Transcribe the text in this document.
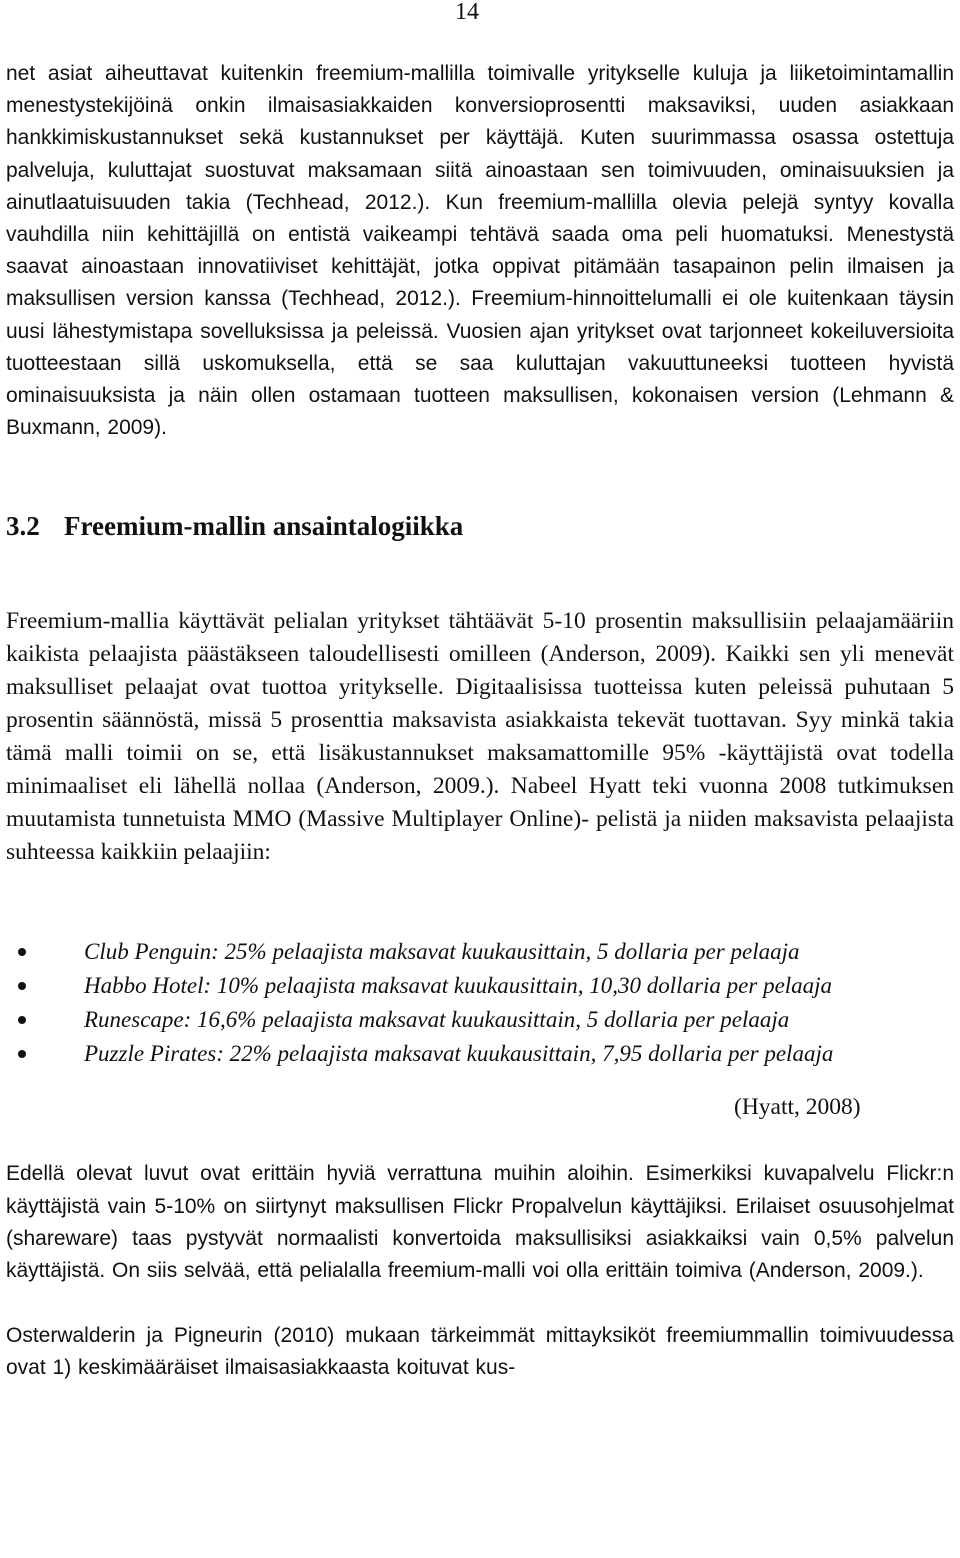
14

net asiat aiheuttavat kuitenkin freemium-mallilla toimivalle yritykselle kuluja ja liiketoimintamallin menestystekijöinä onkin ilmaisasiakkaiden konversioprosentti maksaviksi, uuden asiakkaan hankkimiskustannukset sekä kustannukset per käyttäjä. Kuten suurimmassa osassa ostettuja palveluja, kuluttajat suostuvat maksamaan siitä ainoastaan sen toimivuuden, ominaisuuksien ja ainutlaatuisuuden takia (Techhead, 2012.). Kun freemium-mallilla olevia pelejä syntyy kovalla vauhdilla niin kehittäjillä on entistä vaikeampi tehtävä saada oma peli huomatuksi. Menestystä saavat ainoastaan innovatiiviset kehittäjät, jotka oppivat pitämään tasapainon pelin ilmaisen ja maksullisen version kanssa (Techhead, 2012.). Freemium-hinnoittelumalli ei ole kuitenkaan täysin uusi lähestymistapa sovelluksissa ja peleissä. Vuosien ajan yritykset ovat tarjonneet kokeiluversioita tuotteestaan sillä uskomuksella, että se saa kuluttajan vakuuttuneeksi tuotteen hyvistä ominaisuuksista ja näin ollen ostamaan tuotteen maksullisen, kokonaisen version (Lehmann & Buxmann, 2009).

3.2 Freemium-mallin ansaintalogiikka

Freemium-mallia käyttävät pelialan yritykset tähtäävät 5-10 prosentin maksullisiin pelaajamääriin kaikista pelaajista päästäkseen taloudellisesti omilleen (Anderson, 2009). Kaikki sen yli menevät maksulliset pelaajat ovat tuottoa yritykselle. Digitaalisissa tuotteissa kuten peleissä puhutaan 5 prosentin säännöstä, missä 5 prosenttia maksavista asiakkaista tekevät tuottavan. Syy minkä takia tämä malli toimii on se, että lisäkustannukset maksamattomille 95% -käyttäjistä ovat todella minimaaliset eli lähellä nollaa (Anderson, 2009.). Nabeel Hyatt teki vuonna 2008 tutkimuksen muutamista tunnetuista MMO (Massive Multiplayer Online)- pelistä ja niiden maksavista pelaajista suhteessa kaikkiin pelaajiin:

Club Penguin: 25% pelaajista maksavat kuukausittain, 5 dollaria per pelaaja
Habbo Hotel: 10% pelaajista maksavat kuukausittain, 10,30 dollaria per pelaaja
Runescape: 16,6% pelaajista maksavat kuukausittain, 5 dollaria per pelaaja
Puzzle Pirates: 22% pelaajista maksavat kuukausittain, 7,95 dollaria per pelaaja
(Hyatt, 2008)

Edellä olevat luvut ovat erittäin hyviä verrattuna muihin aloihin. Esimerkiksi kuvapalvelu Flickr:n käyttäjistä vain 5-10% on siirtynyt maksullisen Flickr Propalvelun käyttäjiksi. Erilaiset osuusohjelmat (shareware) taas pystyvät normaalisti konvertoida maksullisiksi asiakkaiksi vain 0,5% palvelun käyttäjistä. On siis selvää, että pelialalla freemium-malli voi olla erittäin toimiva (Anderson, 2009.).

Osterwalderin ja Pigneurin (2010) mukaan tärkeimmät mittayksiköt freemiummallin toimivuudessa ovat 1) keskimääräiset ilmaisasiakkaasta koituvat kus-
